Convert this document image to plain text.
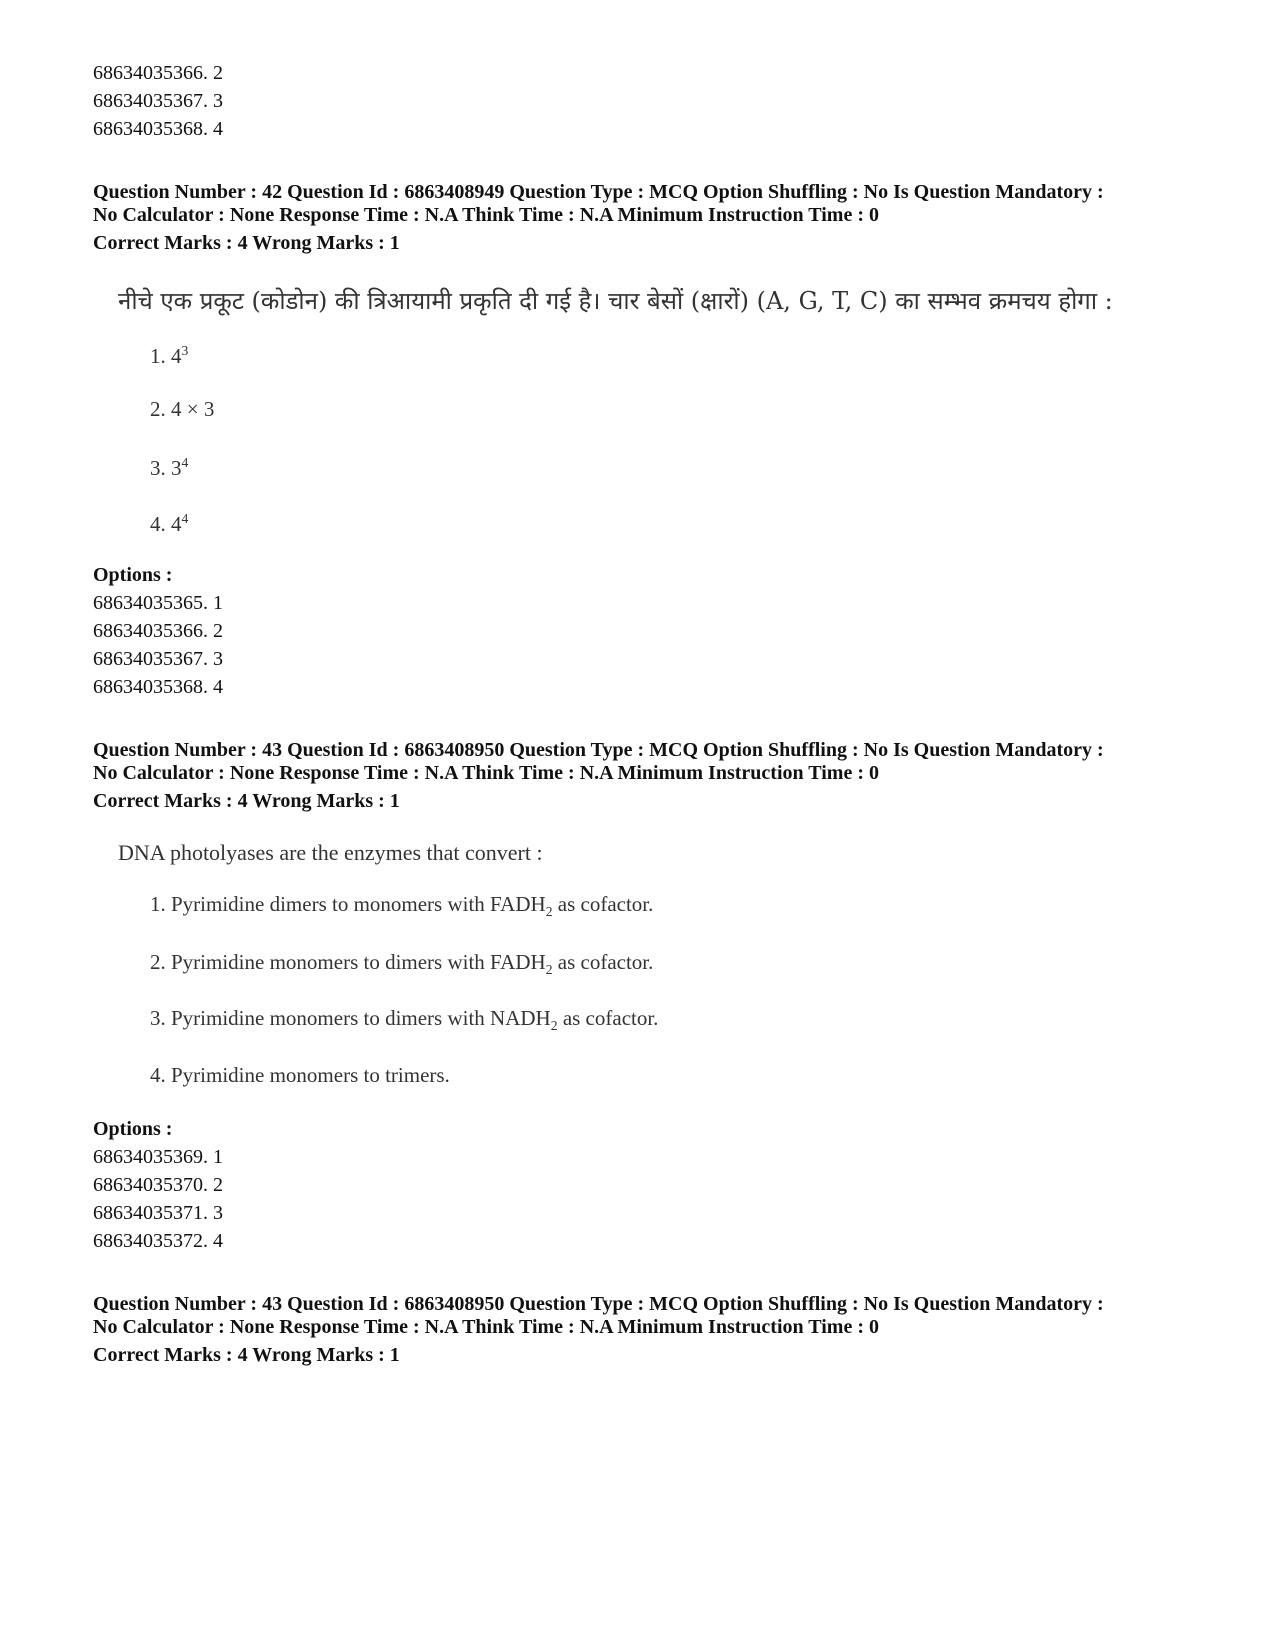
68634035366. 2
68634035367. 3
68634035368. 4
Question Number : 42 Question Id : 6863408949 Question Type : MCQ Option Shuffling : No Is Question Mandatory :
No Calculator : None Response Time : N.A Think Time : N.A Minimum Instruction Time : 0
Correct Marks : 4 Wrong Marks : 1
नीचे एक प्रकूट (कोडोन) की त्रिआयामी प्रकृति दी गई है। चार बेसों (क्षारों) (A, G, T, C) का सम्भव क्रमचय होगा :
1. $4^3$
2. 4 × 3
3. $3^4$
4. $4^4$
Options :
68634035365. 1
68634035366. 2
68634035367. 3
68634035368. 4
Question Number : 43 Question Id : 6863408950 Question Type : MCQ Option Shuffling : No Is Question Mandatory :
No Calculator : None Response Time : N.A Think Time : N.A Minimum Instruction Time : 0
Correct Marks : 4 Wrong Marks : 1
DNA photolyases are the enzymes that convert :
1. Pyrimidine dimers to monomers with $FADH_2$ as cofactor.
2. Pyrimidine monomers to dimers with $FADH_2$ as cofactor.
3. Pyrimidine monomers to dimers with $NADH_2$ as cofactor.
4. Pyrimidine monomers to trimers.
Options :
68634035369. 1
68634035370. 2
68634035371. 3
68634035372. 4
Question Number : 43 Question Id : 6863408950 Question Type : MCQ Option Shuffling : No Is Question Mandatory :
No Calculator : None Response Time : N.A Think Time : N.A Minimum Instruction Time : 0
Correct Marks : 4 Wrong Marks : 1
